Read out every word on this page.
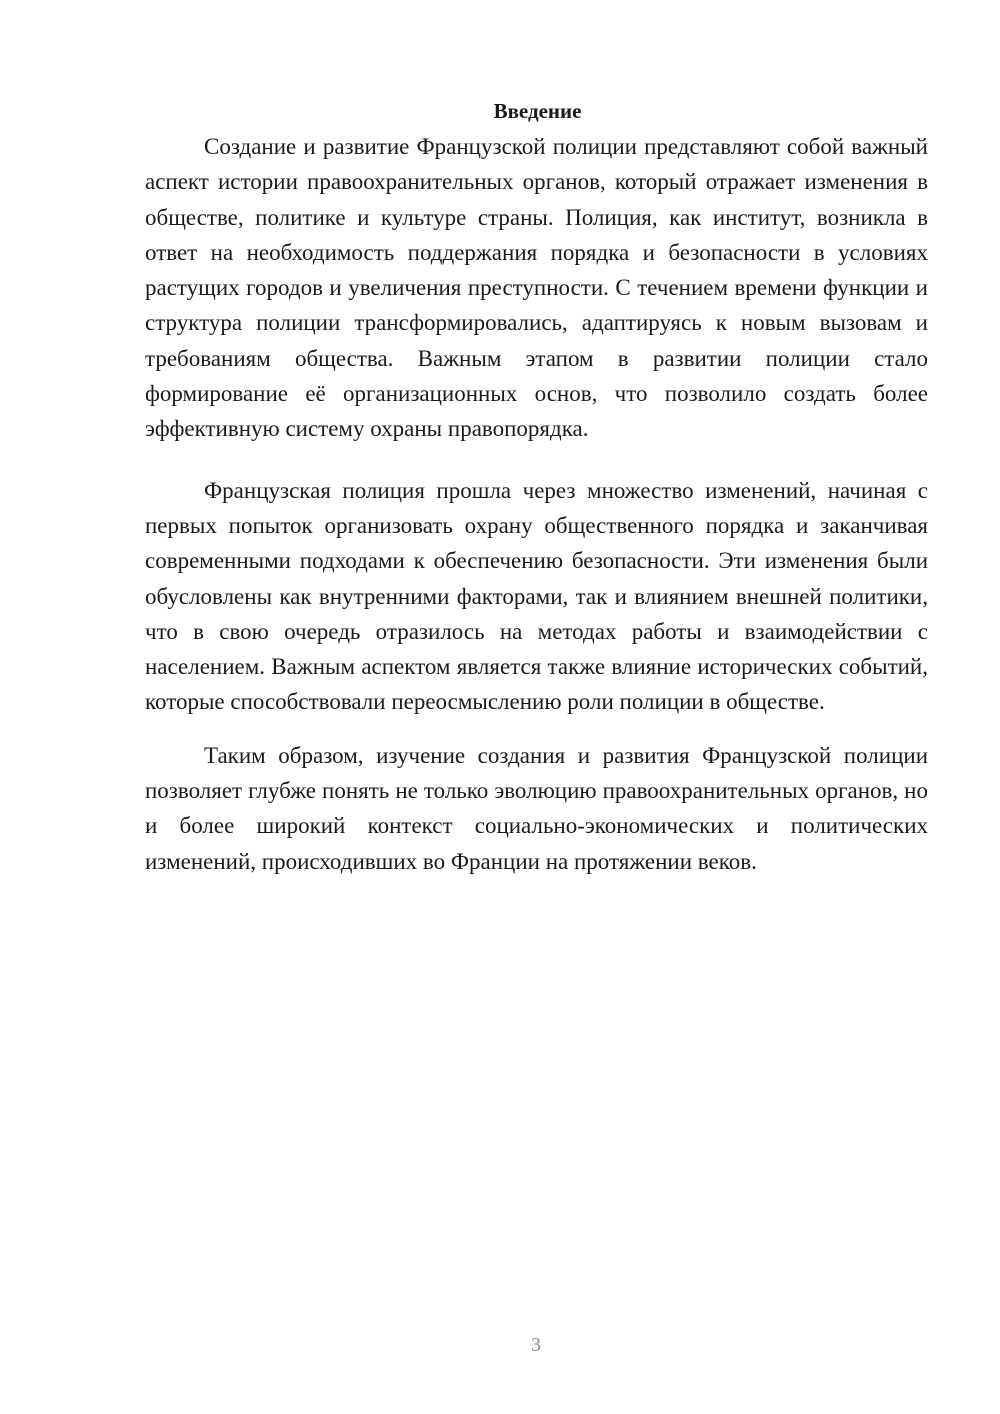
Введение

Создание и развитие Французской полиции представляют собой важный аспект истории правоохранительных органов, который отражает изменения в обществе, политике и культуре страны. Полиция, как институт, возникла в ответ на необходимость поддержания порядка и безопасности в условиях растущих городов и увеличения преступности. С течением времени функции и структура полиции трансформировались, адаптируясь к новым вызовам и требованиям общества. Важным этапом в развитии полиции стало формирование её организационных основ, что позволило создать более эффективную систему охраны правопорядка.

Французская полиция прошла через множество изменений, начиная с первых попыток организовать охрану общественного порядка и заканчивая современными подходами к обеспечению безопасности. Эти изменения были обусловлены как внутренними факторами, так и влиянием внешней политики, что в свою очередь отразилось на методах работы и взаимодействии с населением. Важным аспектом является также влияние исторических событий, которые способствовали переосмыслению роли полиции в обществе.

Таким образом, изучение создания и развития Французской полиции позволяет глубже понять не только эволюцию правоохранительных органов, но и более широкий контекст социально-экономических и политических изменений, происходивших во Франции на протяжении веков.

3
